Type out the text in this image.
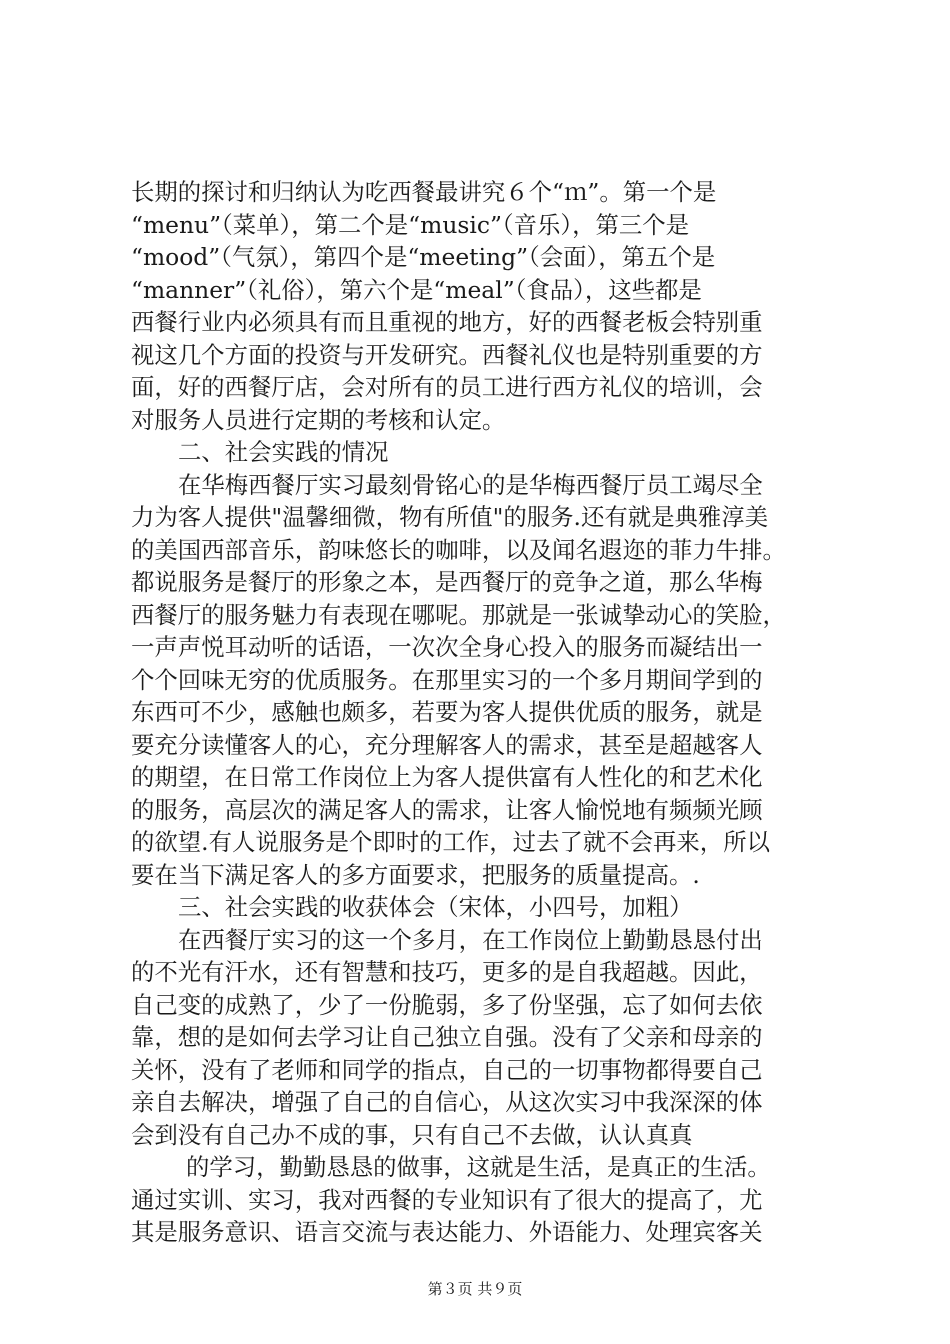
长期的探讨和归纳认为吃西餐最讲究６个“ｍ”。第一个是
“menu”（菜单），第二个是“music”（音乐），第三个是
“mood”（气氛），第四个是“meeting”（会面），第五个是
“manner”（礼俗），第六个是“meal”（食品），这些都是
西餐行业内必须具有而且重视的地方，好的西餐老板会特别重
视这几个方面的投资与开发研究。西餐礼仪也是特别重要的方
面，好的西餐厅店，会对所有的员工进行西方礼仪的培训，会
对服务人员进行定期的考核和认定。
二、社会实践的情况
在华梅西餐厅实习最刻骨铭心的是华梅西餐厅员工竭尽全
力为客人提供"温馨细微，物有所值"的服务.还有就是典雅淳美
的美国西部音乐，韵味悠长的咖啡，以及闻名遐迩的菲力牛排。
都说服务是餐厅的形象之本，是西餐厅的竞争之道，那么华梅
西餐厅的服务魅力有表现在哪呢。那就是一张诚挚动心的笑脸，
一声声悦耳动听的话语，一次次全身心投入的服务而凝结出一
个个回味无穷的优质服务。在那里实习的一个多月期间学到的
东西可不少，感触也颇多，若要为客人提供优质的服务，就是
要充分读懂客人的心，充分理解客人的需求，甚至是超越客人
的期望，在日常工作岗位上为客人提供富有人性化的和艺术化
的服务，高层次的满足客人的需求，让客人愉悦地有频频光顾
的欲望.有人说服务是个即时的工作，过去了就不会再来，所以
要在当下满足客人的多方面要求，把服务的质量提高。.
三、社会实践的收获体会（宋体，小四号，加粗）
在西餐厅实习的这一个多月，在工作岗位上勤勤恳恳付出
的不光有汗水，还有智慧和技巧，更多的是自我超越。因此，
自己变的成熟了，少了一份脆弱，多了份坚强，忘了如何去依
靠，想的是如何去学习让自己独立自强。没有了父亲和母亲的
关怀，没有了老师和同学的指点，自己的一切事物都得要自己
亲自去解决，增强了自己的自信心，从这次实习中我深深的体
会到没有自己办不成的事，只有自己不去做，认认真真
的学习，勤勤恳恳的做事，这就是生活，是真正的生活。
通过实训、实习，我对西餐的专业知识有了很大的提高了，尤
其是服务意识、语言交流与表达能力、外语能力、处理宾客关
第３页 共９页
